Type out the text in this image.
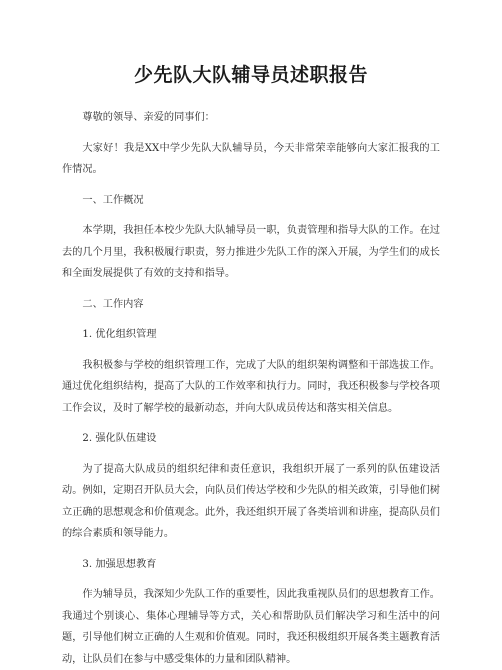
少先队大队辅导员述职报告
尊敬的领导、亲爱的同事们：
大家好！我是XX中学少先队大队辅导员，今天非常荣幸能够向大家汇报我的工作情况。
一、工作概况
本学期，我担任本校少先队大队辅导员一职，负责管理和指导大队的工作。在过去的几个月里，我积极履行职责，努力推进少先队工作的深入开展，为学生们的成长和全面发展提供了有效的支持和指导。
二、工作内容
1. 优化组织管理
我积极参与学校的组织管理工作，完成了大队的组织架构调整和干部选拔工作。通过优化组织结构，提高了大队的工作效率和执行力。同时，我还积极参与学校各项工作会议，及时了解学校的最新动态，并向大队成员传达和落实相关信息。
2. 强化队伍建设
为了提高大队成员的组织纪律和责任意识，我组织开展了一系列的队伍建设活动。例如，定期召开队员大会，向队员们传达学校和少先队的相关政策，引导他们树立正确的思想观念和价值观念。此外，我还组织开展了各类培训和讲座，提高队员们的综合素质和领导能力。
3. 加强思想教育
作为辅导员，我深知少先队工作的重要性，因此我重视队员们的思想教育工作。我通过个别谈心、集体心理辅导等方式，关心和帮助队员们解决学习和生活中的问题，引导他们树立正确的人生观和价值观。同时，我还积极组织开展各类主题教育活动，让队员们在参与中感受集体的力量和团队精神。
